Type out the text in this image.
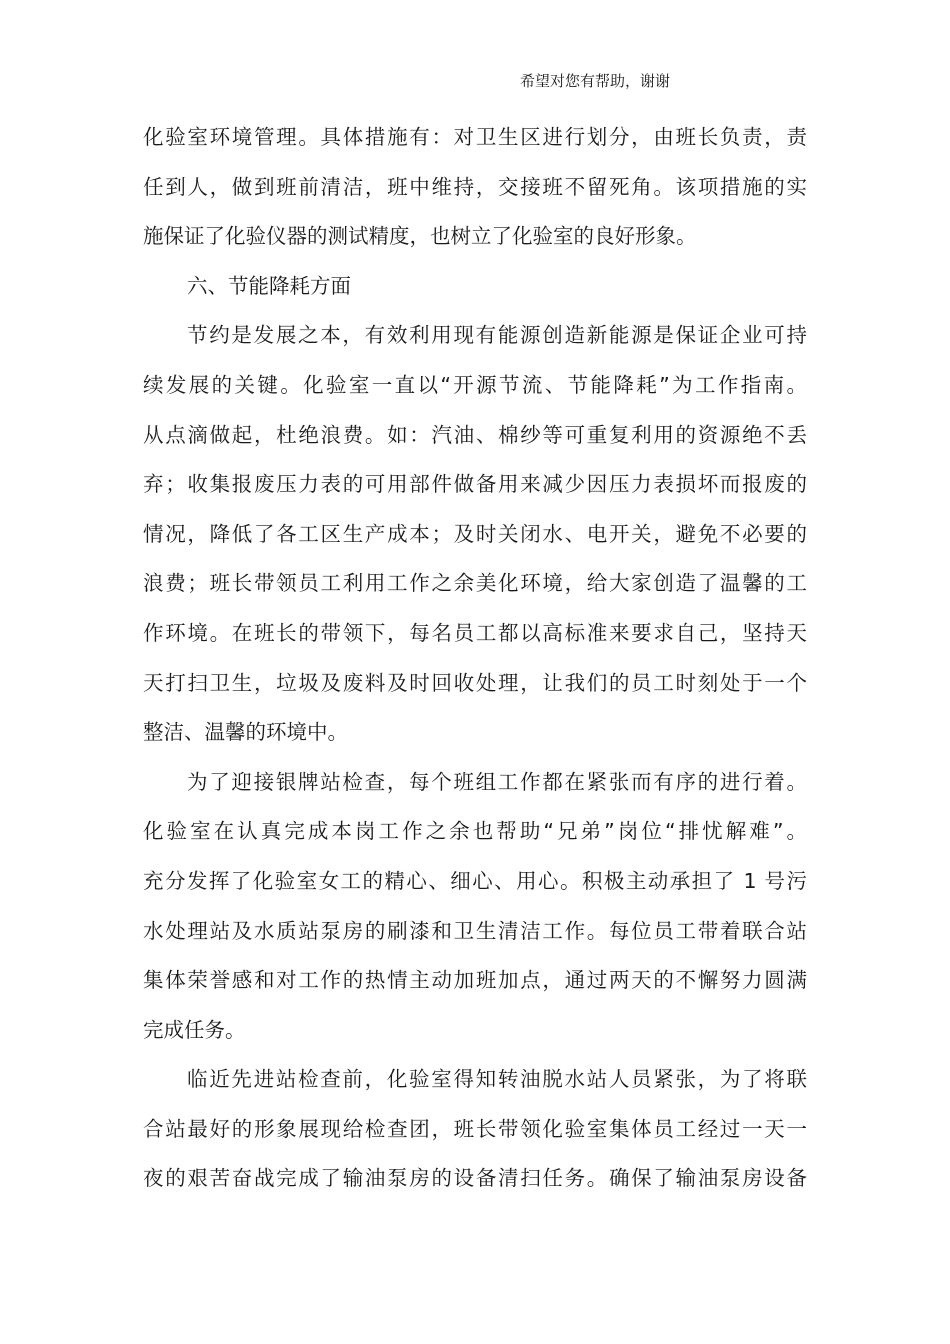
希望对您有帮助，谢谢
化验室环境管理。具体措施有：对卫生区进行划分，由班长负责，责
任到人，做到班前清洁，班中维持，交接班不留死角。该项措施的实
施保证了化验仪器的测试精度，也树立了化验室的良好形象。
六、节能降耗方面
节约是发展之本，有效利用现有能源创造新能源是保证企业可持
续发展的关键。化验室一直以“开源节流、节能降耗”为工作指南。
从点滴做起，杜绝浪费。如：汽油、棉纱等可重复利用的资源绝不丢
弃；收集报废压力表的可用部件做备用来减少因压力表损坏而报废的
情况，降低了各工区生产成本；及时关闭水、电开关，避免不必要的
浪费；班长带领员工利用工作之余美化环境，给大家创造了温馨的工
作环境。在班长的带领下，每名员工都以高标准来要求自己，坚持天
天打扫卫生，垃圾及废料及时回收处理，让我们的员工时刻处于一个
整洁、温馨的环境中。
为了迎接银牌站检查，每个班组工作都在紧张而有序的进行着。
化验室在认真完成本岗工作之余也帮助“兄弟”岗位“排忧解难”。
充分发挥了化验室女工的精心、细心、用心。积极主动承担了 1 号污
水处理站及水质站泵房的刷漆和卫生清洁工作。每位员工带着联合站
集体荣誉感和对工作的热情主动加班加点，通过两天的不懈努力圆满
完成任务。
临近先进站检查前，化验室得知转油脱水站人员紧张，为了将联
合站最好的形象展现给检查团，班长带领化验室集体员工经过一天一
夜的艰苦奋战完成了输油泵房的设备清扫任务。确保了输油泵房设备
